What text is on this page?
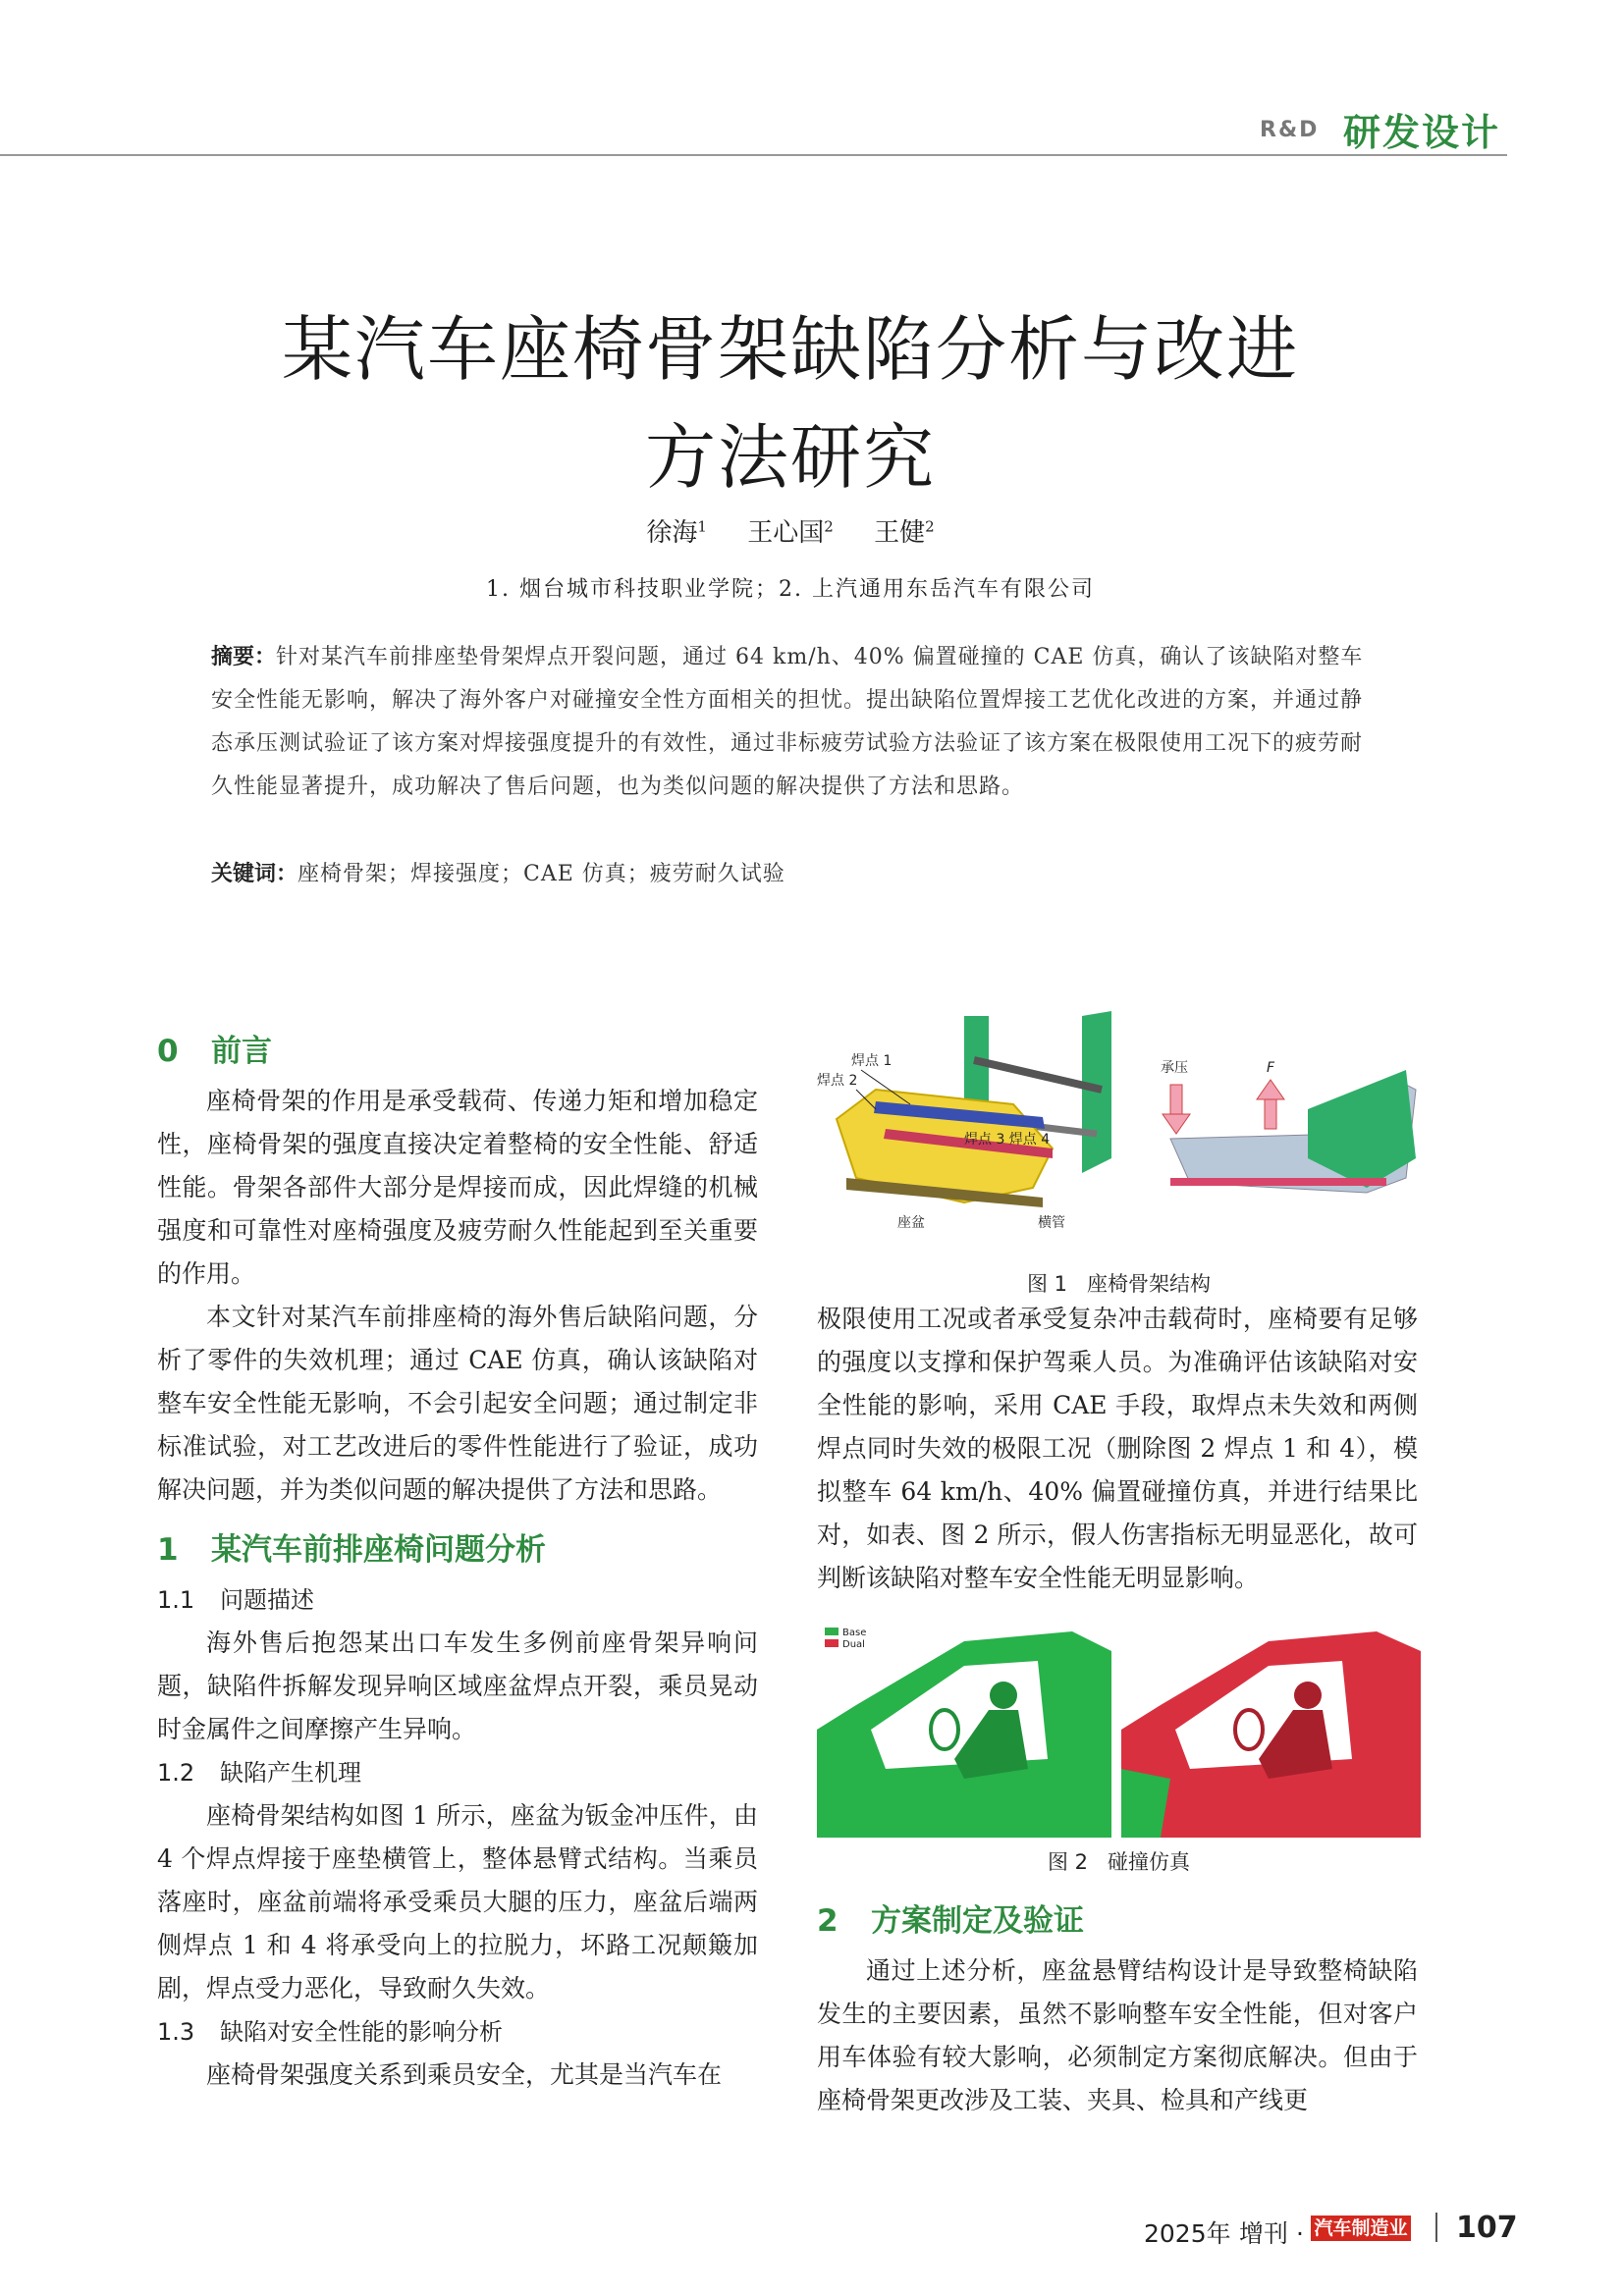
R&D 研发设计
某汽车座椅骨架缺陷分析与改进
方法研究
徐海$^1$ 王心国$^2$ 王健$^2$
1. 烟台城市科技职业学院；2. 上汽通用东岳汽车有限公司
摘要：针对某汽车前排座垫骨架焊点开裂问题，通过 64 km/h、40% 偏置碰撞的 CAE 仿真，确认了该缺陷对整车安全性能无影响，解决了海外客户对碰撞安全性方面相关的担忧。提出缺陷位置焊接工艺优化改进的方案，并通过静态承压测试验证了该方案对焊接强度提升的有效性，通过非标疲劳试验方法验证了该方案在极限使用工况下的疲劳耐久性能显著提升，成功解决了售后问题，也为类似问题的解决提供了方法和思路。
关键词：座椅骨架；焊接强度；CAE 仿真；疲劳耐久试验
0 前言

座椅骨架的作用是承受载荷、传递力矩和增加稳定性，座椅骨架的强度直接决定着整椅的安全性能、舒适性能。骨架各部件大部分是焊接而成，因此焊缝的机械强度和可靠性对座椅强度及疲劳耐久性能起到至关重要的作用。

本文针对某汽车前排座椅的海外售后缺陷问题，分析了零件的失效机理；通过 CAE 仿真，确认该缺陷对整车安全性能无影响，不会引起安全问题；通过制定非标准试验，对工艺改进后的零件性能进行了验证，成功解决问题，并为类似问题的解决提供了方法和思路。

1 某汽车前排座椅问题分析
1.1 问题描述

海外售后抱怨某出口车发生多例前座骨架异响问题，缺陷件拆解发现异响区域座盆焊点开裂，乘员晃动时金属件之间摩擦产生异响。

1.2 缺陷产生机理

座椅骨架结构如图 1 所示，座盆为钣金冲压件，由 4 个焊点焊接于座垫横管上，整体悬臂式结构。当乘员落座时，座盆前端将承受乘员大腿的压力，座盆后端两侧焊点 1 和 4 将承受向上的拉脱力，坏路工况颠簸加剧，焊点受力恶化，导致耐久失效。

1.3 缺陷对安全性能的影响分析

座椅骨架强度关系到乘员安全，尤其是当汽车在

焊点 1
焊点 2
焊点 3 焊点 4
座盆	横管
承压	F
图 1 座椅骨架结构

极限使用工况或者承受复杂冲击载荷时，座椅要有足够的强度以支撑和保护驾乘人员。为准确评估该缺陷对安全性能的影响，采用 CAE 手段，取焊点未失效和两侧焊点同时失效的极限工况（删除图 2 焊点 1 和 4），模拟整车 64 km/h、40% 偏置碰撞仿真，并进行结果比对，如表、图 2 所示，假人伤害指标无明显恶化，故可判断该缺陷对整车安全性能无明显影响。

Base
Dual
图 2 碰撞仿真
2 方案制定及验证

通过上述分析，座盆悬臂结构设计是导致整椅缺陷发生的主要因素，虽然不影响整车安全性能，但对客户用车体验有较大影响，必须制定方案彻底解决。但由于座椅骨架更改涉及工装、夹具、检具和产线更

2025年 增刊 · 汽车制造业 107
